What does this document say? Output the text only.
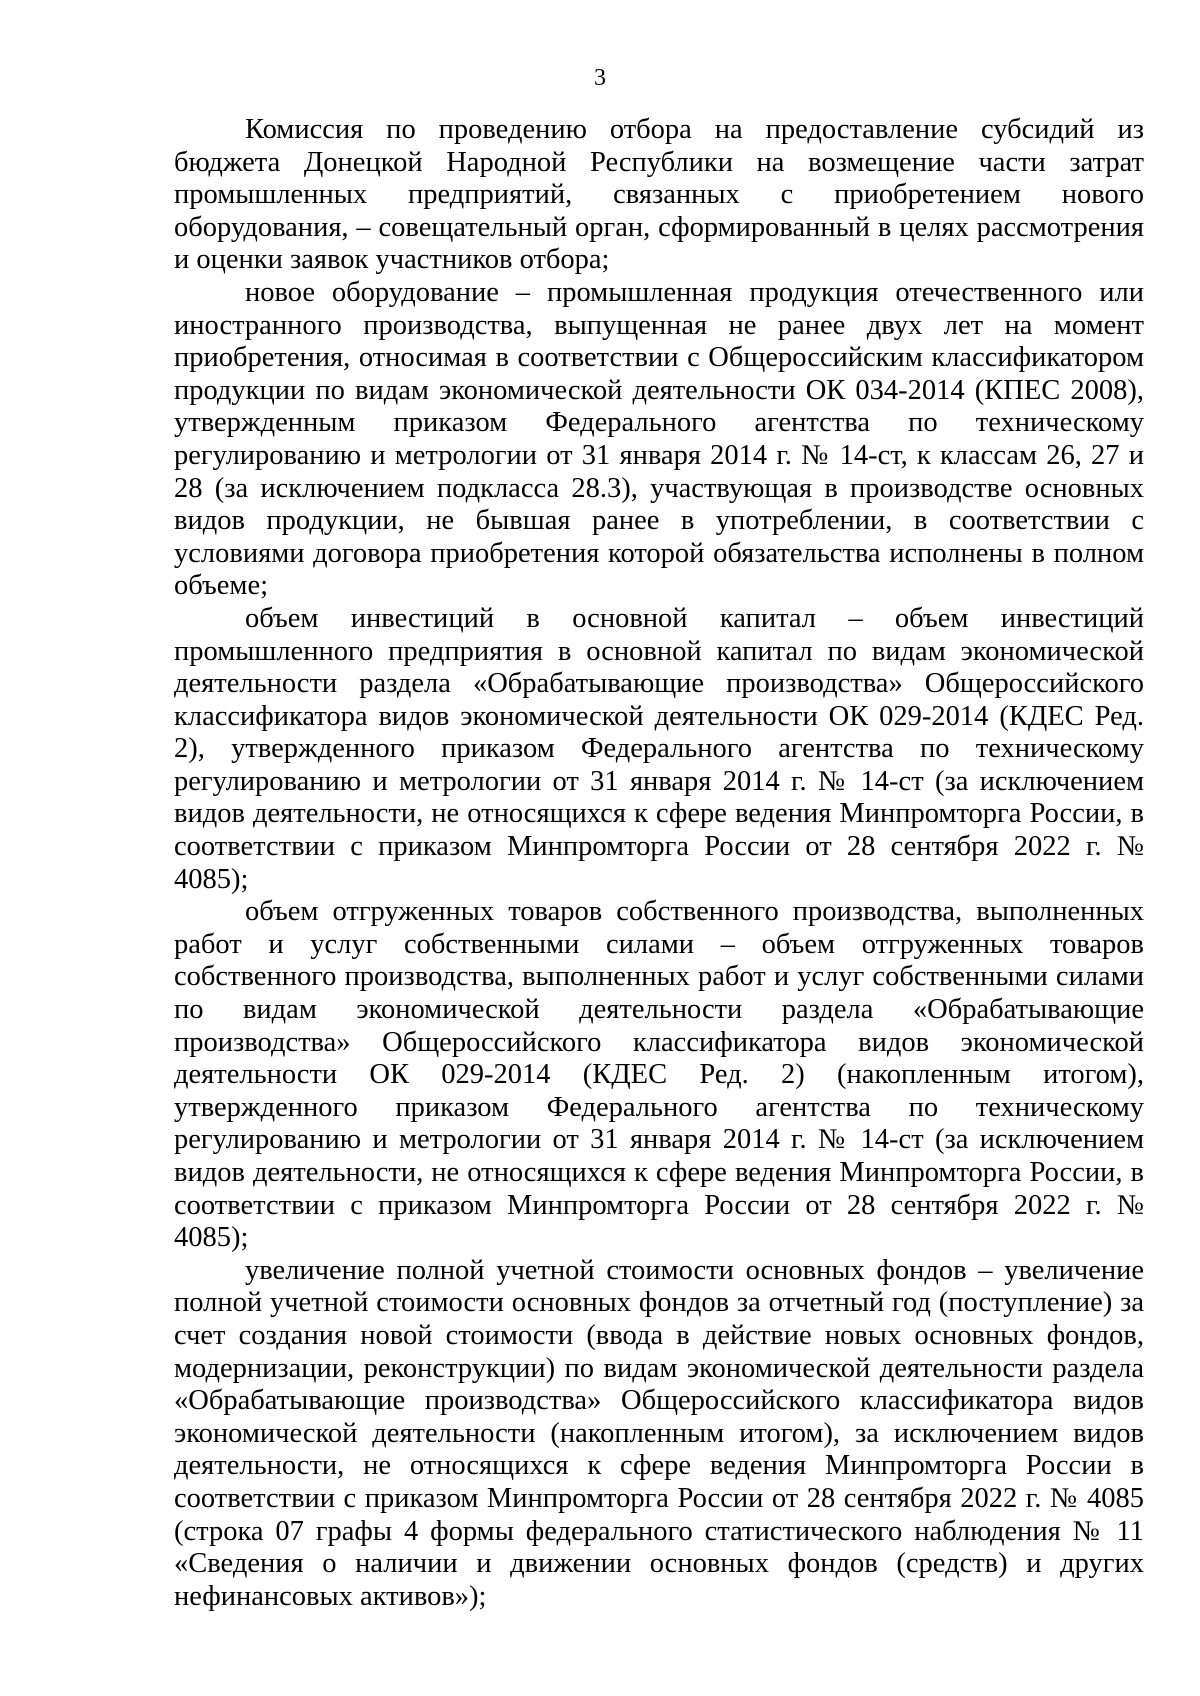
3

Комиссия по проведению отбора на предоставление субсидий из бюджета Донецкой Народной Республики на возмещение части затрат промышленных предприятий, связанных с приобретением нового оборудования, – совещательный орган, сформированный в целях рассмотрения и оценки заявок участников отбора;

новое оборудование – промышленная продукция отечественного или иностранного производства, выпущенная не ранее двух лет на момент приобретения, относимая в соответствии с Общероссийским классификатором продукции по видам экономической деятельности ОК 034-2014 (КПЕС 2008), утвержденным приказом Федерального агентства по техническому регулированию и метрологии от 31 января 2014 г. № 14-ст, к классам 26, 27 и 28 (за исключением подкласса 28.3), участвующая в производстве основных видов продукции, не бывшая ранее в употреблении, в соответствии с условиями договора приобретения которой обязательства исполнены в полном объеме;

объем инвестиций в основной капитал – объем инвестиций промышленного предприятия в основной капитал по видам экономической деятельности раздела «Обрабатывающие производства» Общероссийского классификатора видов экономической деятельности ОК 029-2014 (КДЕС Ред. 2), утвержденного приказом Федерального агентства по техническому регулированию и метрологии от 31 января 2014 г. № 14-ст (за исключением видов деятельности, не относящихся к сфере ведения Минпромторга России, в соответствии с приказом Минпромторга России от 28 сентября 2022 г. № 4085);

объем отгруженных товаров собственного производства, выполненных работ и услуг собственными силами – объем отгруженных товаров собственного производства, выполненных работ и услуг собственными силами по видам экономической деятельности раздела «Обрабатывающие производства» Общероссийского классификатора видов экономической деятельности ОК 029-2014 (КДЕС Ред. 2) (накопленным итогом), утвержденного приказом Федерального агентства по техническому регулированию и метрологии от 31 января 2014 г. № 14-ст (за исключением видов деятельности, не относящихся к сфере ведения Минпромторга России, в соответствии с приказом Минпромторга России от 28 сентября 2022 г. № 4085);

увеличение полной учетной стоимости основных фондов – увеличение полной учетной стоимости основных фондов за отчетный год (поступление) за счет создания новой стоимости (ввода в действие новых основных фондов, модернизации, реконструкции) по видам экономической деятельности раздела «Обрабатывающие производства» Общероссийского классификатора видов экономической деятельности (накопленным итогом), за исключением видов деятельности, не относящихся к сфере ведения Минпромторга России в соответствии с приказом Минпромторга России от 28 сентября 2022 г. № 4085 (строка 07 графы 4 формы федерального статистического наблюдения № 11 «Сведения о наличии и движении основных фондов (средств) и других нефинансовых активов»);
